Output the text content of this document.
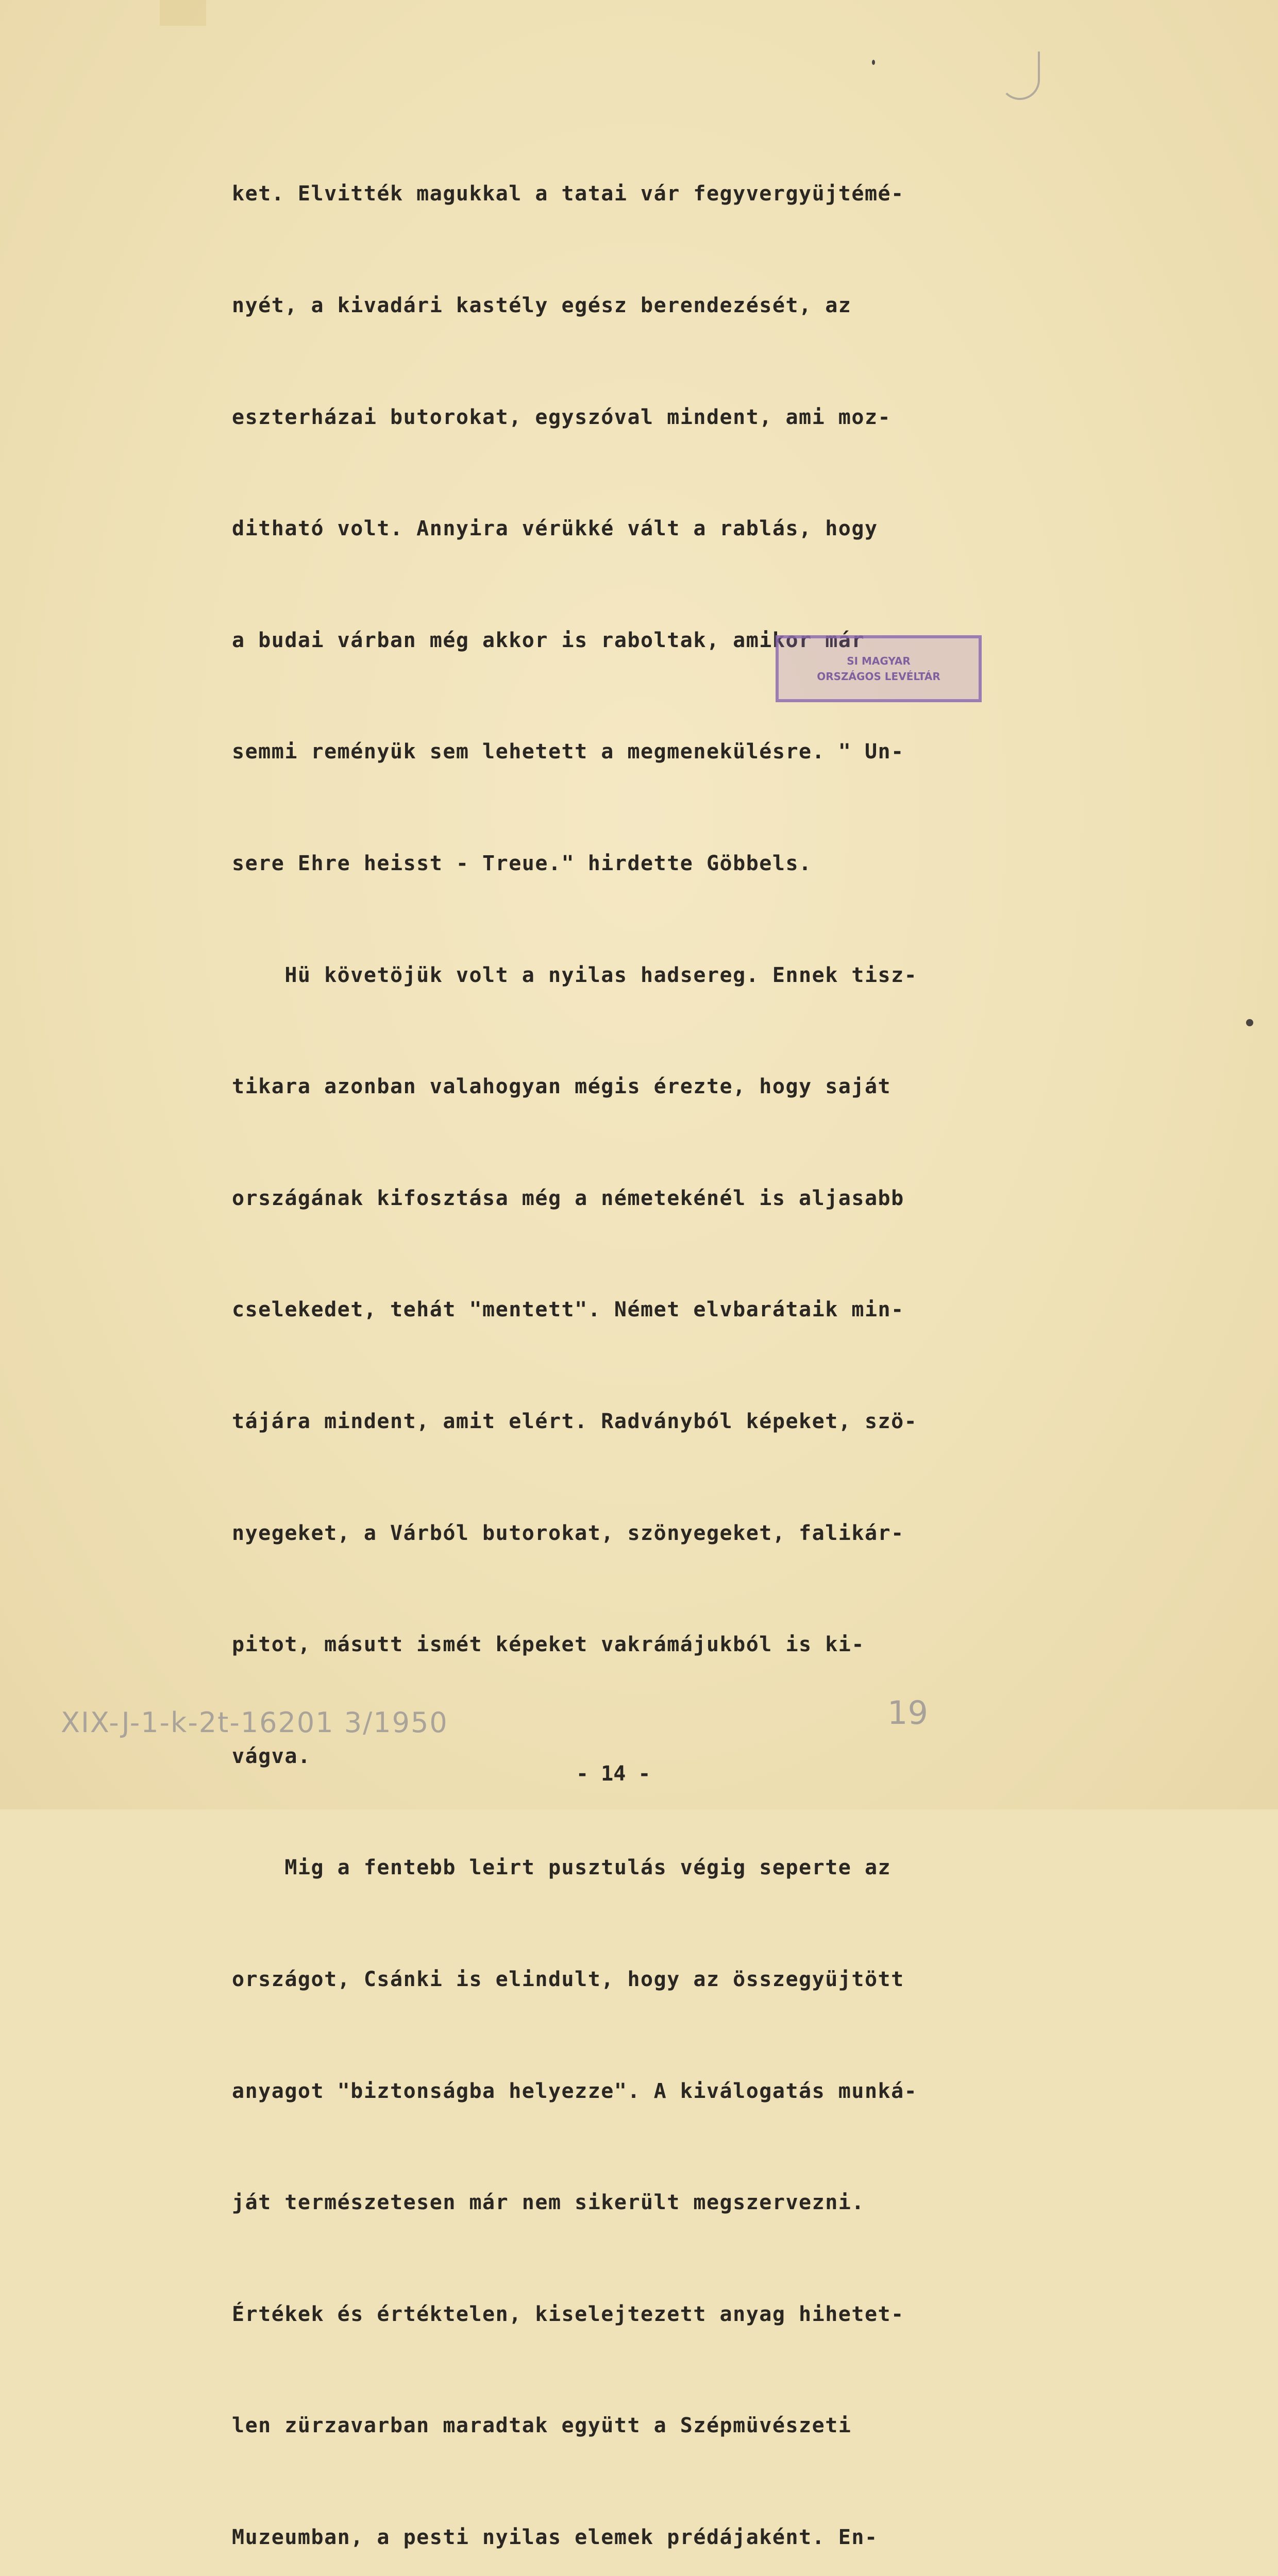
ket. Elvitték magukkal a tatai vár fegyvergyüjtémé-

nyét, a kivadári kastély egész berendezését, az

eszterházai butorokat, egyszóval mindent, ami moz-

ditható volt. Annyira vérükké vált a rablás, hogy

a budai várban még akkor is raboltak, amikor már

semmi reményük sem lehetett a megmenekülésre. " Un-

sere Ehre heisst - Treue." hirdette Göbbels.

Hü követöjük volt a nyilas hadsereg. Ennek tisz-

tikara azonban valahogyan mégis érezte, hogy saját

országának kifosztása még a németekénél is aljasabb

cselekedet, tehát "mentett". Német elvbarátaik min-

tájára mindent, amit elért. Radványból képeket, szö-

nyegeket, a Várból butorokat, szönyegeket, falikár-

pitot, másutt ismét képeket vakrámájukból is ki-

vágva.

Mig a fentebb leirt pusztulás végig seperte az

országot, Csánki is elindult, hogy az összegyüjtött

anyagot "biztonságba helyezze". A kiválogatás munká-

ját természetesen már nem sikerült megszervezni.

Értékek és értéktelen, kiselejtezett anyag hihetet-

len zürzavarban maradtak együtt a Szépmüvészeti

Muzeumban, a pesti nyilas elemek prédájaként. En-

SI MAGYAR
ORSZÁGOS LEVÉLTÁR
XIX-J-1-k-2t-16201 3/1950	19
- 14 -
